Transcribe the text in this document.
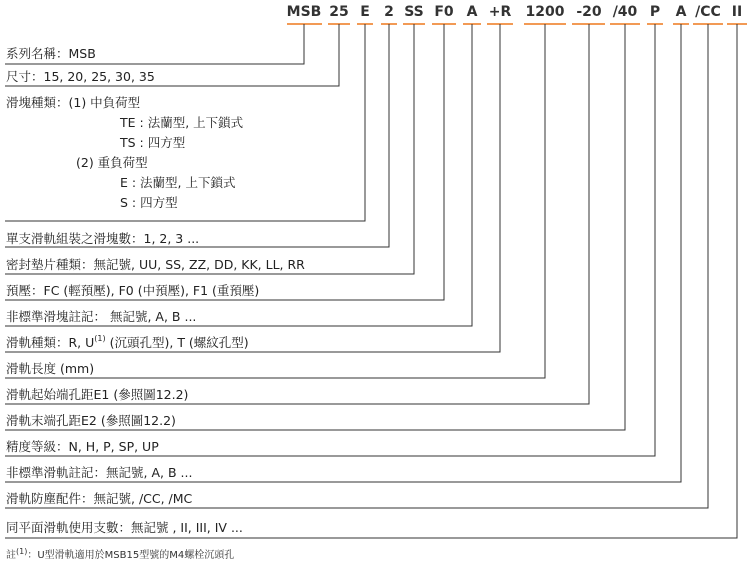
MSB 25 E 2 SS F0 A +R 1200 -20 /40 P A /CC II
系列名稱：MSB
尺寸：15, 20, 25, 30, 35
滑塊種類：(1) 中負荷型
TE : 法蘭型, 上下鎖式
TS : 四方型
(2) 重負荷型
E : 法蘭型, 上下鎖式
S : 四方型
單支滑軌組裝之滑塊數：1, 2, 3 ...
密封墊片種類：無記號, UU, SS, ZZ, DD, KK, LL, RR
預壓：FC (輕預壓), F0 (中預壓), F1 (重預壓)
非標準滑塊註記： 無記號, A, B ...
滑軌種類：R, $U^{(1)}$ (沉頭孔型), T (螺紋孔型)
滑軌長度 (mm)
滑軌起始端孔距E1 (參照圖12.2)
滑軌末端孔距E2 (參照圖12.2)
精度等級：N, H, P, SP, UP
非標準滑軌註記：無記號, A, B ...
滑軌防塵配件：無記號, /CC, /MC
同平面滑軌使用支數：無記號 , II, III, IV ...
註$^{(1)}$：U型滑軌適用於MSB15型號的M4螺栓沉頭孔
